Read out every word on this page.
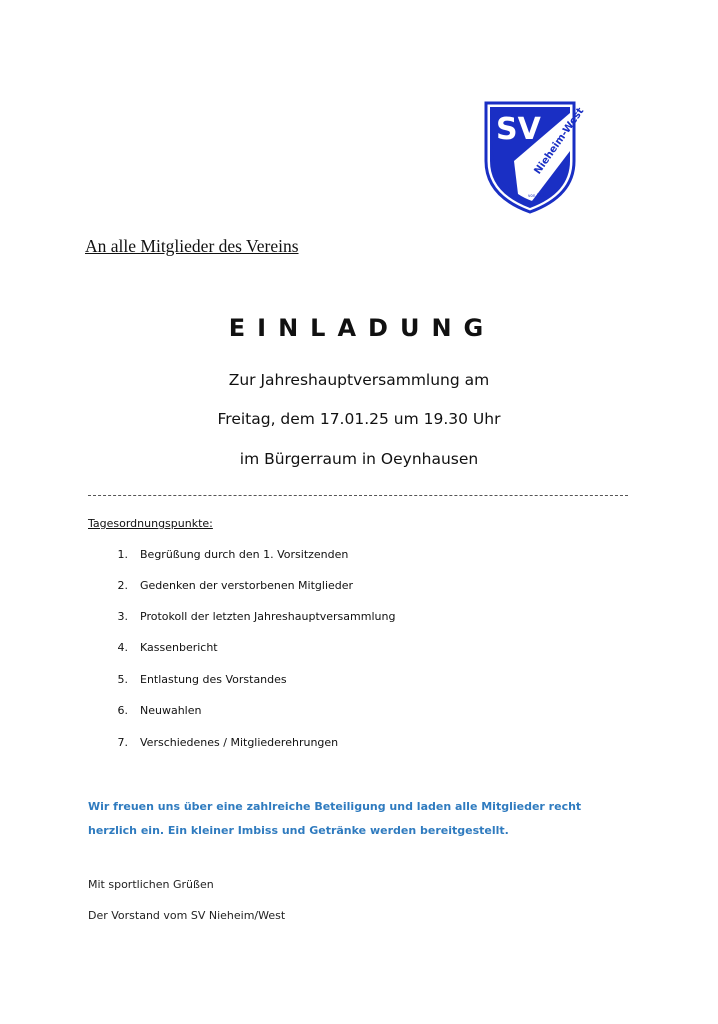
SV
Nieheim-West
von 1970
e.V.
An alle Mitglieder des Vereins
EINLADUNG
Zur Jahreshauptversammlung am
Freitag, dem 17.01.25 um 19.30 Uhr
im Bürgerraum in Oeynhausen
Tagesordnungspunkte:
1. Begrüßung durch den 1. Vorsitzenden
2. Gedenken der verstorbenen Mitglieder
3. Protokoll der letzten Jahreshauptversammlung
4. Kassenbericht
5. Entlastung des Vorstandes
6. Neuwahlen
7. Verschiedenes / Mitgliederehrungen
Wir freuen uns über eine zahlreiche Beteiligung und laden alle Mitglieder recht herzlich ein. Ein kleiner Imbiss und Getränke werden bereitgestellt.
Mit sportlichen Grüßen
Der Vorstand vom SV Nieheim/West
